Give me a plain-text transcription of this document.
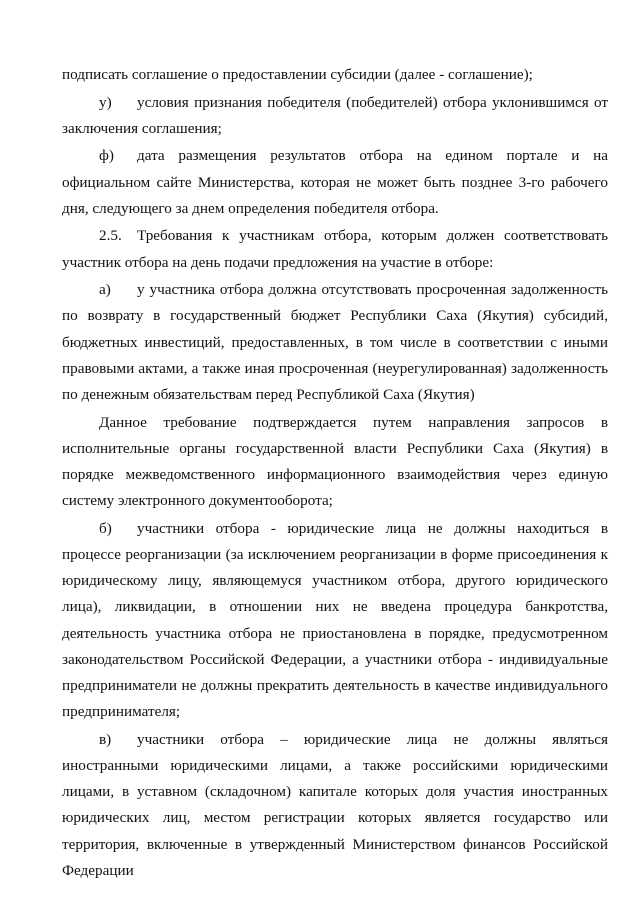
подписать соглашение о предоставлении субсидии (далее - соглашение);

у) условия признания победителя (победителей) отбора уклонившимся от заключения соглашения;

ф) дата размещения результатов отбора на едином портале и на официальном сайте Министерства, которая не может быть позднее 3-го рабочего дня, следующего за днем определения победителя отбора.

2.5. Требования к участникам отбора, которым должен соответствовать участник отбора на день подачи предложения на участие в отборе:

а) у участника отбора должна отсутствовать просроченная задолженность по возврату в государственный бюджет Республики Саха (Якутия) субсидий, бюджетных инвестиций, предоставленных, в том числе в соответствии с иными правовыми актами, а также иная просроченная (неурегулированная) задолженность по денежным обязательствам перед Республикой Саха (Якутия)

Данное требование подтверждается путем направления запросов в исполнительные органы государственной власти Республики Саха (Якутия) в порядке межведомственного информационного взаимодействия через единую систему электронного документооборота;

б) участники отбора - юридические лица не должны находиться в процессе реорганизации (за исключением реорганизации в форме присоединения к юридическому лицу, являющемуся участником отбора, другого юридического лица), ликвидации, в отношении них не введена процедура банкротства, деятельность участника отбора не приостановлена в порядке, предусмотренном законодательством Российской Федерации, а участники отбора - индивидуальные предприниматели не должны прекратить деятельность в качестве индивидуального предпринимателя;

в) участники отбора – юридические лица не должны являться иностранными юридическими лицами, а также российскими юридическими лицами, в уставном (складочном) капитале которых доля участия иностранных юридических лиц, местом регистрации которых является государство или территория, включенные в утвержденный Министерством финансов Российской Федерации
